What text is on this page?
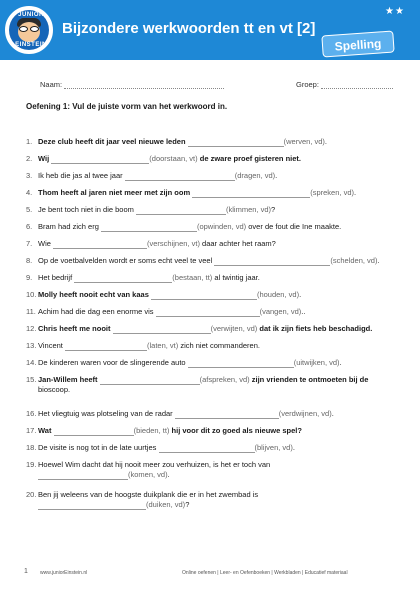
JUNIOR
EINSTEIN
Bijzondere werkwoorden tt en vt [2]
★★
Spelling
Naam:	Groep:
Oefening 1: Vul de juiste vorm van het werkwoord in.
1. Deze club heeft dit jaar veel nieuwe leden	(werven, vd).
2. Wij	(doorstaan, vt) de zware proef gisteren niet.
3. Ik heb die jas al twee jaar	(dragen, vd).
4. Thom heeft al jaren niet meer met zijn oom	(spreken, vd).
5. Je bent toch niet in die boom	(klimmen, vd)?
6. Bram had zich erg	(opwinden, vd) over de fout die Ine maakte.
7. Wie	(verschijnen, vt) daar achter het raam?
8. Op de voetbalvelden wordt er soms echt veel te veel	(schelden, vd).
9. Het bedrijf	(bestaan, tt) al twintig jaar.
10. Molly heeft nooit echt van kaas	(houden, vd).
11. Achim had die dag een enorme vis	(vangen, vd)..
12. Chris heeft me nooit	(verwijten, vd) dat ik zijn fiets heb beschadigd.
13. Vincent	(laten, vt) zich niet commanderen.
14. De kinderen waren voor de slingerende auto	(uitwijken, vd).
15. Jan-Willem heeft	(afspreken, vd) zijn vrienden te ontmoeten bij de
bioscoop.
16. Het vliegtuig was plotseling van de radar	(verdwijnen, vd).
17. Wat	(bieden, tt) hij voor dit zo goed als nieuwe spel?
18. De visite is nog tot in de late uurtjes	(blijven, vd).
19. Hoewel Wim dacht dat hij nooit meer zou verhuizen, is het er toch van
(komen, vd).
20. Ben jij weleens van de hoogste duikplank die er in het zwembad is
(duiken, vd)?
1 www.juniorEinstein.nl	Online oefenen | Leer- en Oefenboeken | Werkbladen | Educatief materiaal
